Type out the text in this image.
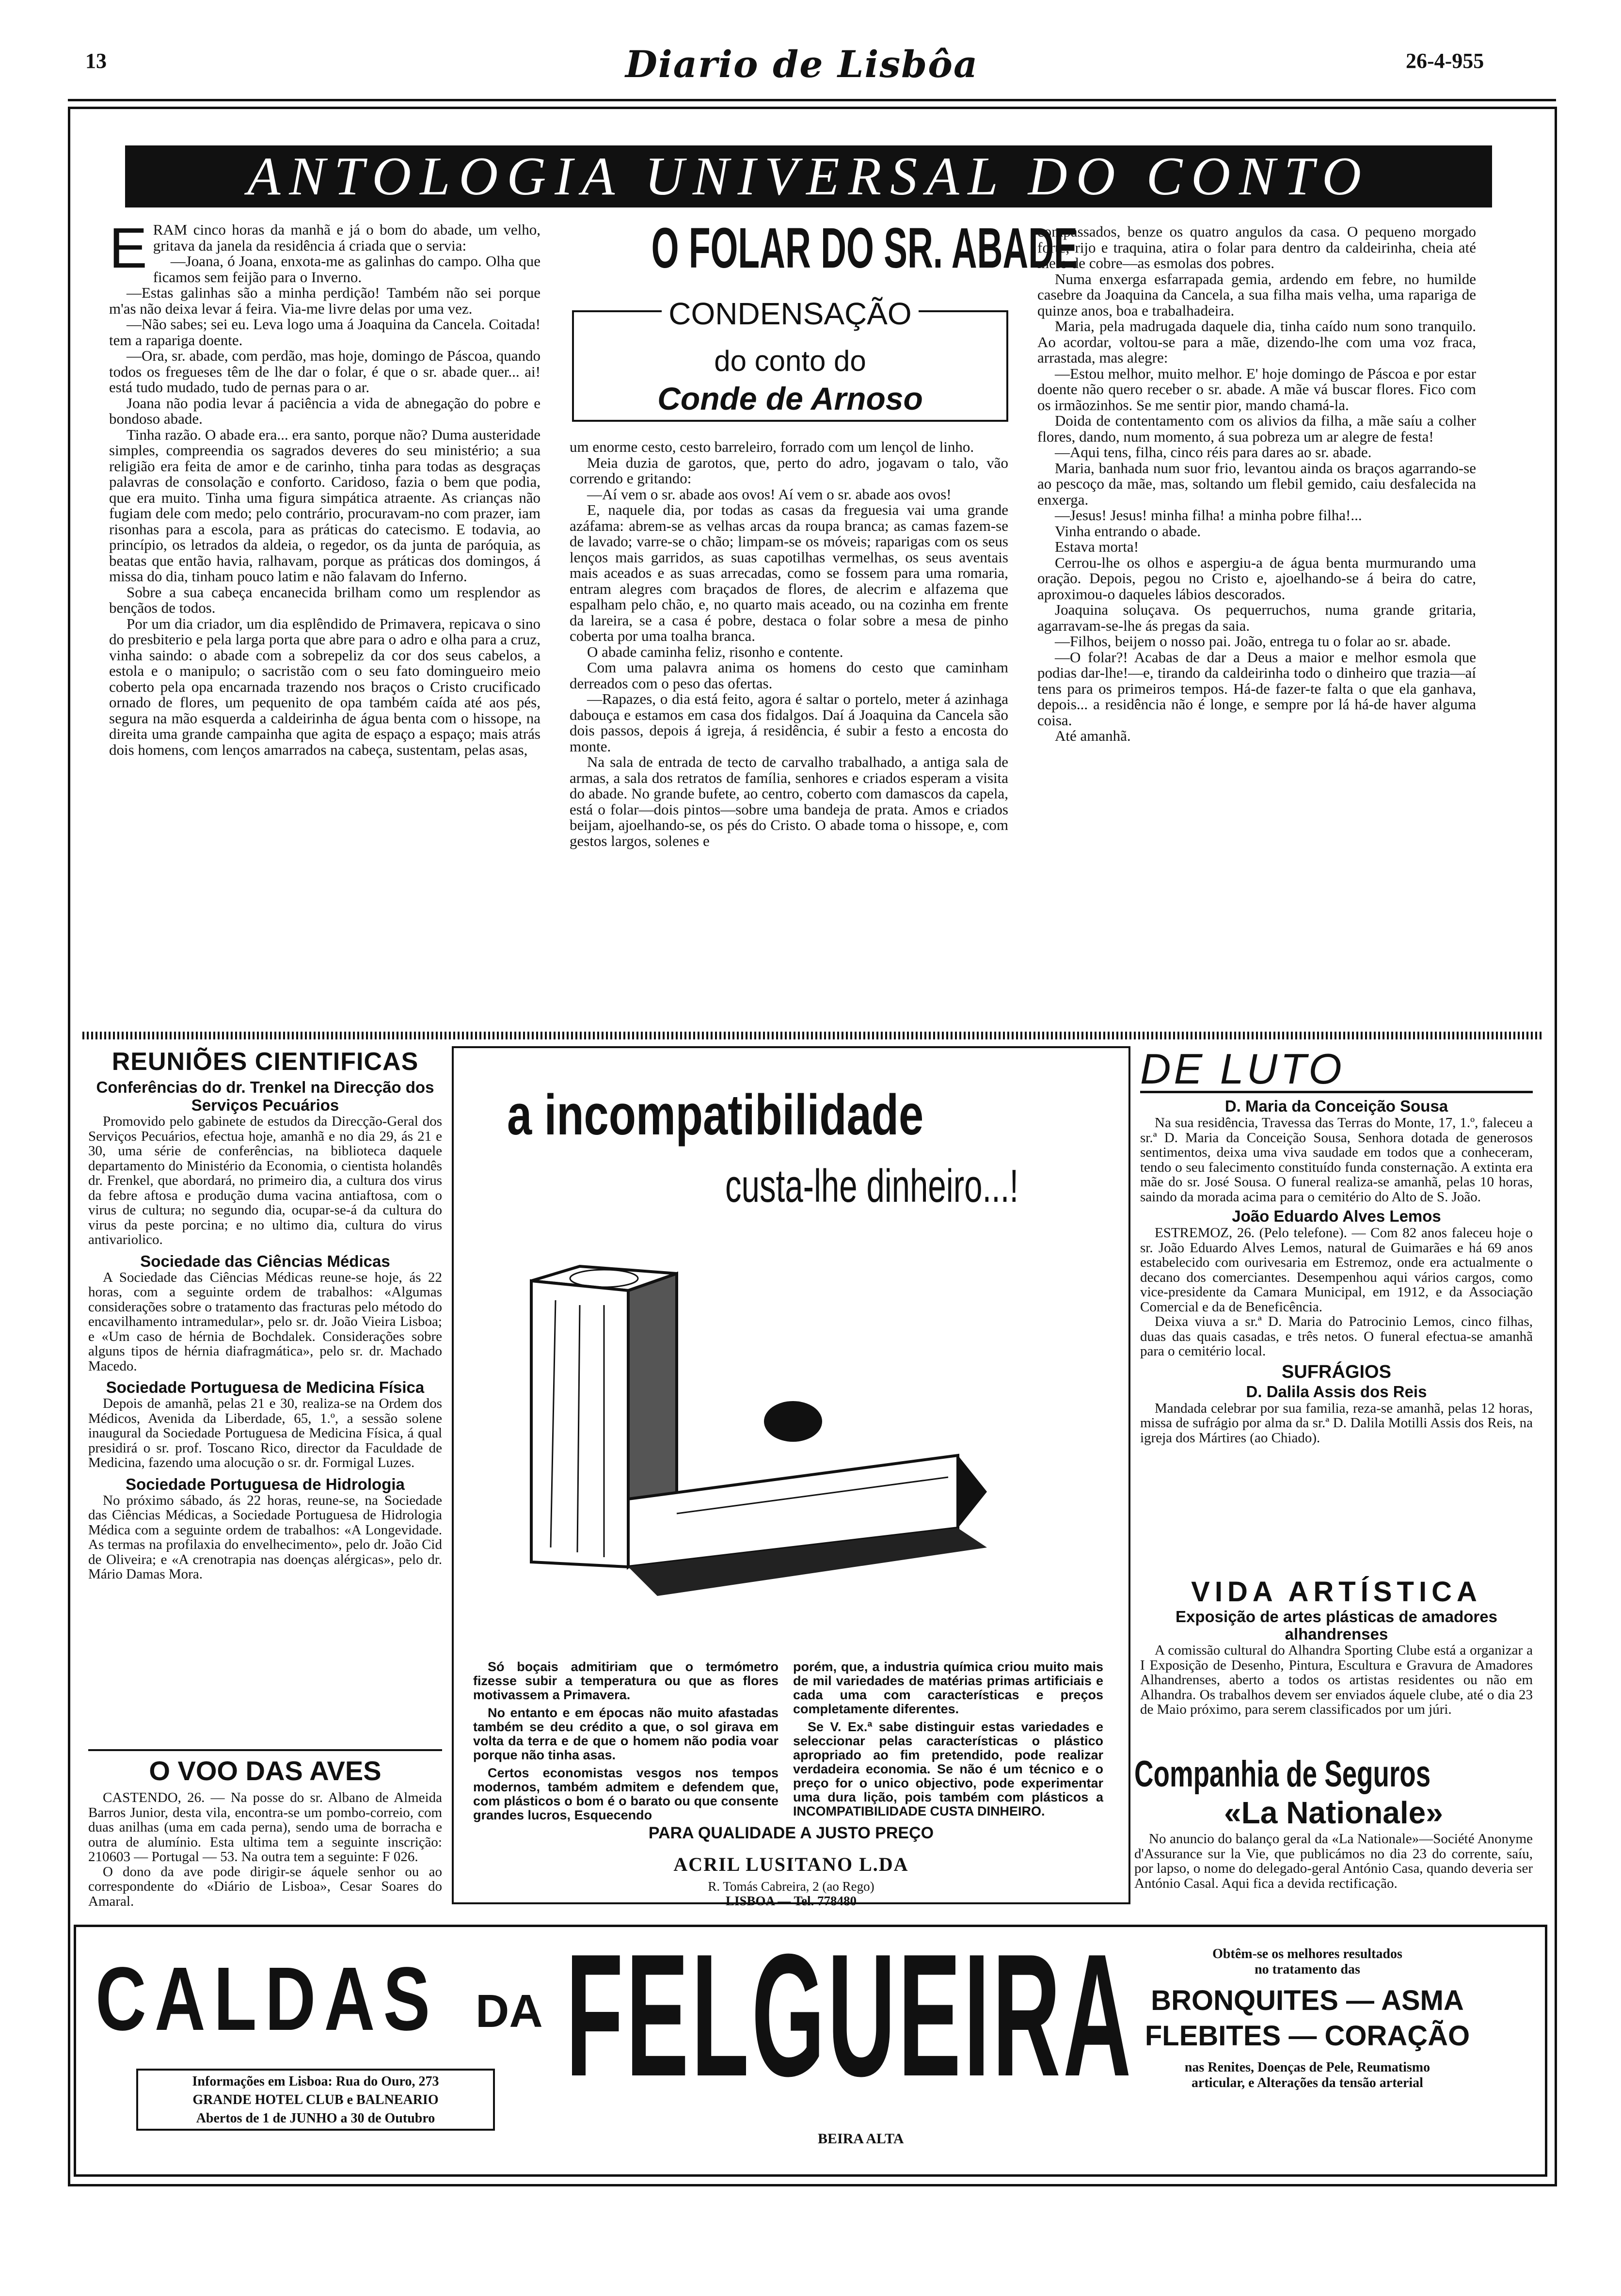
13	Diario de Lisbôa	26-4-955
ANTOLOGIA UNIVERSAL DO CONTO
E RAM cinco horas da manhã e já o bom do abade, um velho, gritava da janela da residência á criada que o servia:

—Joana, ó Joana, enxota-me as galinhas do campo. Olha que ficamos sem feijão para o Inverno.

—Estas galinhas são a minha perdição! Também não sei porque m'as não deixa levar á feira. Via-me livre delas por uma vez.

—Não sabes; sei eu. Leva logo uma á Joaquina da Cancela. Coitada! tem a rapariga doente.

—Ora, sr. abade, com perdão, mas hoje, domingo de Páscoa, quando todos os fregueses têm de lhe dar o folar, é que o sr. abade quer... ai! está tudo mudado, tudo de pernas para o ar.

Joana não podia levar á paciência a vida de abnegação do pobre e bondoso abade.

Tinha razão. O abade era... era santo, porque não? Duma austeridade simples, compreendia os sagrados deveres do seu ministério; a sua religião era feita de amor e de carinho, tinha para todas as desgraças palavras de consolação e conforto. Caridoso, fazia o bem que podia, que era muito. Tinha uma figura simpática atraente. As crianças não fugiam dele com medo; pelo contrário, procuravam-no com prazer, iam risonhas para a escola, para as práticas do catecismo. E todavia, ao princípio, os letrados da aldeia, o regedor, os da junta de paróquia, as beatas que então havia, ralhavam, porque as práticas dos domingos, á missa do dia, tinham pouco latim e não falavam do Inferno.

Sobre a sua cabeça encanecida brilham como um resplendor as bençãos de todos.

Por um dia criador, um dia esplêndido de Primavera, repicava o sino do presbiterio e pela larga porta que abre para o adro e olha para a cruz, vinha saindo: o abade com a sobrepeliz da cor dos seus cabelos, a estola e o manipulo; o sacristão com o seu fato domingueiro meio coberto pela opa encarnada trazendo nos braços o Cristo crucificado ornado de flores, um pequenito de opa também caída até aos pés, segura na mão esquerda a caldeirinha de água benta com o hissope, na direita uma grande campainha que agita de espaço a espaço; mais atrás dois homens, com lenços amarrados na cabeça, sustentam, pelas asas,

O FOLAR DO SR. ABADE
CONDENSAÇÃO
do conto do
Conde de Arnoso

um enorme cesto, cesto barreleiro, forrado com um lençol de linho.

Meia duzia de garotos, que, perto do adro, jogavam o talo, vão correndo e gritando:

—Aí vem o sr. abade aos ovos! Aí vem o sr. abade aos ovos!

E, naquele dia, por todas as casas da freguesia vai uma grande azáfama: abrem-se as velhas arcas da roupa branca; as camas fazem-se de lavado; varre-se o chão; limpam-se os móveis; raparigas com os seus lenços mais garridos, as suas capotilhas vermelhas, os seus aventais mais aceados e as suas arrecadas, como se fossem para uma romaria, entram alegres com braçados de flores, de alecrim e alfazema que espalham pelo chão, e, no quarto mais aceado, ou na cozinha em frente da lareira, se a casa é pobre, destaca o folar sobre a mesa de pinho coberta por uma toalha branca.

O abade caminha feliz, risonho e contente.

Com uma palavra anima os homens do cesto que caminham derreados com o peso das ofertas.

—Rapazes, o dia está feito, agora é saltar o portelo, meter á azinhaga dabouça e estamos em casa dos fidalgos. Daí á Joaquina da Cancela são dois passos, depois á igreja, á residência, é subir a festo a encosta do monte.

Na sala de entrada de tecto de carvalho trabalhado, a antiga sala de armas, a sala dos retratos de família, senhores e criados esperam a visita do abade. No grande bufete, ao centro, coberto com damascos da capela, está o folar—dois pintos—sobre uma bandeja de prata. Amos e criados beijam, ajoelhando-se, os pés do Cristo. O abade toma o hissope, e, com gestos largos, solenes e

compassados, benze os quatro angulos da casa. O pequeno morgado forte, rijo e traquina, atira o folar para dentro da caldeirinha, cheia até meio de cobre—as esmolas dos pobres.

Numa enxerga esfarrapada gemia, ardendo em febre, no humilde casebre da Joaquina da Cancela, a sua filha mais velha, uma rapariga de quinze anos, boa e trabalhadeira.

Maria, pela madrugada daquele dia, tinha caído num sono tranquilo. Ao acordar, voltou-se para a mãe, dizendo-lhe com uma voz fraca, arrastada, mas alegre:

—Estou melhor, muito melhor. E' hoje domingo de Páscoa e por estar doente não quero receber o sr. abade. A mãe vá buscar flores. Fico com os irmãozinhos. Se me sentir pior, mando chamá-la.

Doida de contentamento com os alivios da filha, a mãe saíu a colher flores, dando, num momento, á sua pobreza um ar alegre de festa!

—Aqui tens, filha, cinco réis para dares ao sr. abade.

Maria, banhada num suor frio, levantou ainda os braços agarrando-se ao pescoço da mãe, mas, soltando um flebil gemido, caiu desfalecida na enxerga.

—Jesus! Jesus! minha filha! a minha pobre filha!...

Vinha entrando o abade.

Estava morta!

Cerrou-lhe os olhos e aspergiu-a de água benta murmurando uma oração. Depois, pegou no Cristo e, ajoelhando-se á beira do catre, aproximou-o daqueles lábios descorados.

Joaquina soluçava. Os pequerruchos, numa grande gritaria, agarravam-se-lhe ás pregas da saia.

—Filhos, beijem o nosso pai. João, entrega tu o folar ao sr. abade.

—O folar?! Acabas de dar a Deus a maior e melhor esmola que podias dar-lhe!—e, tirando da caldeirinha todo o dinheiro que trazia—aí tens para os primeiros tempos. Há-de fazer-te falta o que ela ganhava, depois... a residência não é longe, e sempre por lá há-de haver alguma coisa.

Até amanhã.

REUNIÕES CIENTIFICAS
Conferências do dr. Trenkel na Direcção dos Serviços Pecuários

Promovido pelo gabinete de estudos da Direcção-Geral dos Serviços Pecuários, efectua hoje, amanhã e no dia 29, ás 21 e 30, uma série de conferências, na biblioteca daquele departamento do Ministério da Economia, o cientista holandês dr. Frenkel, que abordará, no primeiro dia, a cultura dos virus da febre aftosa e produção duma vacina antiaftosa, com o virus de cultura; no segundo dia, ocupar-se-á da cultura do virus da peste porcina; e no ultimo dia, cultura do virus antivariolico.

Sociedade das Ciências Médicas

A Sociedade das Ciências Médicas reune-se hoje, ás 22 horas, com a seguinte ordem de trabalhos: «Algumas considerações sobre o tratamento das fracturas pelo método do encavilhamento intramedular», pelo sr. dr. João Vieira Lisboa; e «Um caso de hérnia de Bochdalek. Considerações sobre alguns tipos de hérnia diafragmática», pelo sr. dr. Machado Macedo.

Sociedade Portuguesa de Medicina Física

Depois de amanhã, pelas 21 e 30, realiza-se na Ordem dos Médicos, Avenida da Liberdade, 65, 1.º, a sessão solene inaugural da Sociedade Portuguesa de Medicina Física, á qual presidirá o sr. prof. Toscano Rico, director da Faculdade de Medicina, fazendo uma alocução o sr. dr. Formigal Luzes.

Sociedade Portuguesa de Hidrologia

No próximo sábado, ás 22 horas, reune-se, na Sociedade das Ciências Médicas, a Sociedade Portuguesa de Hidrologia Médica com a seguinte ordem de trabalhos: «A Longevidade. As termas na profilaxia do envelhecimento», pelo dr. João Cid de Oliveira; e «A crenotrapia nas doenças alérgicas», pelo dr. Mário Damas Mora.

O VOO DAS AVES

CASTENDO, 26. — Na posse do sr. Albano de Almeida Barros Junior, desta vila, encontra-se um pombo-correio, com duas anilhas (uma em cada perna), sendo uma de borracha e outra de alumínio. Esta ultima tem a seguinte inscrição: 210603 — Portugal — 53. Na outra tem a seguinte: F 026.

O dono da ave pode dirigir-se áquele senhor ou ao correspondente do «Diário de Lisboa», Cesar Soares do Amaral.

a incompatibilidade
custa-lhe dinheiro...!

Só boçais admitiriam que o termómetro fizesse subir a temperatura ou que as flores motivassem a Primavera.

No entanto e em épocas não muito afastadas também se deu crédito a que, o sol girava em volta da terra e de que o homem não podia voar porque não tinha asas.

Certos economistas vesgos nos tempos modernos, também admitem e defendem que, com plásticos o bom é o barato ou que consente grandes lucros, Esquecendo

porém, que, a industria química criou muito mais de mil variedades de matérias primas artificiais e cada uma com características e preços completamente diferentes.

Se V. Ex.ª sabe distinguir estas variedades e seleccionar pelas características o plástico apropriado ao fim pretendido, pode realizar verdadeira economia. Se não é um técnico e o preço for o unico objectivo, pode experimentar uma dura lição, pois também com plásticos a INCOMPATIBILIDADE CUSTA DINHEIRO.

PARA QUALIDADE A JUSTO PREÇO
ACRIL LUSITANO L.DA
R. Tomás Cabreira, 2 (ao Rego)
LISBOA — Tel. 778480
DE LUTO
D. Maria da Conceição Sousa

Na sua residência, Travessa das Terras do Monte, 17, 1.º, faleceu a sr.ª D. Maria da Conceição Sousa, Senhora dotada de generosos sentimentos, deixa uma viva saudade em todos que a conheceram, tendo o seu falecimento constituído funda consternação. A extinta era mãe do sr. José Sousa. O funeral realiza-se amanhã, pelas 10 horas, saindo da morada acima para o cemitério do Alto de S. João.

João Eduardo Alves Lemos

ESTREMOZ, 26. (Pelo telefone). — Com 82 anos faleceu hoje o sr. João Eduardo Alves Lemos, natural de Guimarães e há 69 anos estabelecido com ourivesaria em Estremoz, onde era actualmente o decano dos comerciantes. Desempenhou aqui vários cargos, como vice-presidente da Camara Municipal, em 1912, e da Associação Comercial e da de Beneficência.

Deixa viuva a sr.ª D. Maria do Patrocinio Lemos, cinco filhas, duas das quais casadas, e três netos. O funeral efectua-se amanhã para o cemitério local.

SUFRÁGIOS
D. Dalila Assis dos Reis

Mandada celebrar por sua familia, reza-se amanhã, pelas 12 horas, missa de sufrágio por alma da sr.ª D. Dalila Motilli Assis dos Reis, na igreja dos Mártires (ao Chiado).

VIDA ARTÍSTICA
Exposição de artes plásticas de amadores alhandrenses

A comissão cultural do Alhandra Sporting Clube está a organizar a I Exposição de Desenho, Pintura, Escultura e Gravura de Amadores Alhandrenses, aberto a todos os artistas residentes ou não em Alhandra. Os trabalhos devem ser enviados áquele clube, até o dia 23 de Maio próximo, para serem classificados por um júri.

Companhia de Seguros
«La Nationale»

No anuncio do balanço geral da «La Nationale»—Société Anonyme d'Assurance sur la Vie, que publicámos no dia 23 do corrente, saíu, por lapso, o nome do delegado-geral António Casa, quando deveria ser António Casal. Aqui fica a devida rectificação.

CALDAS DA FELGUEIRA
Informações em Lisboa: Rua do Ouro, 273
GRANDE HOTEL CLUB e BALNEARIO
Abertos de 1 de JUNHO a 30 de Outubro
BEIRA ALTA
Obtêm-se os melhores resultados
no tratamento das
BRONQUITES — ASMA
FLEBITES — CORAÇÃO
nas Renites, Doenças de Pele, Reumatismo
articular, e Alterações da tensão arterial
